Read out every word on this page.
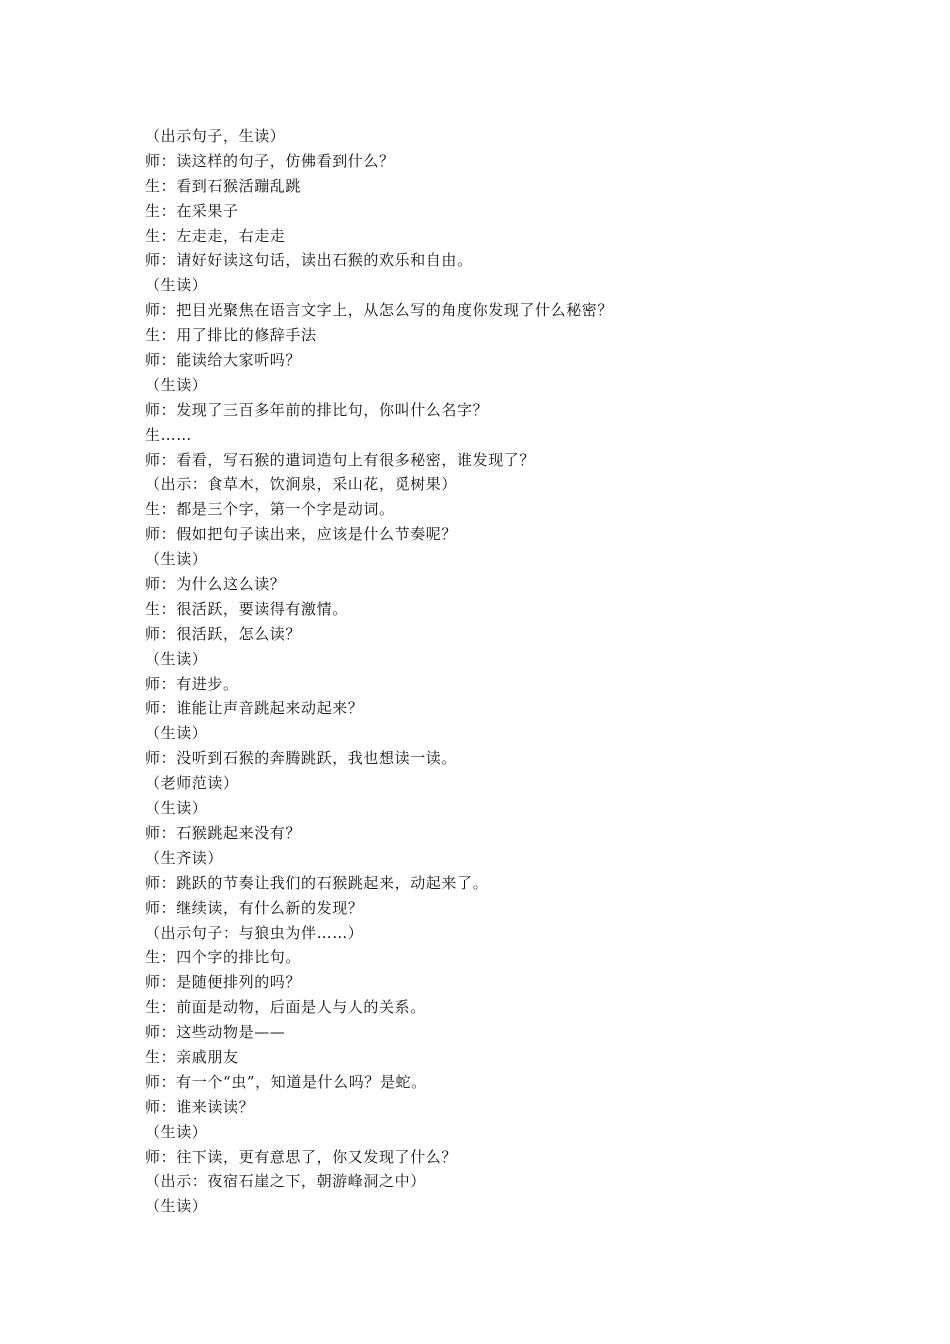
（出示句子，生读）
师：读这样的句子，仿佛看到什么？
生：看到石猴活蹦乱跳
生：在采果子
生：左走走，右走走
师：请好好读这句话，读出石猴的欢乐和自由。
（生读）
师：把目光聚焦在语言文字上，从怎么写的角度你发现了什么秘密？
生：用了排比的修辞手法
师：能读给大家听吗？
（生读）
师：发现了三百多年前的排比句，你叫什么名字？
生……
师：看看，写石猴的遣词造句上有很多秘密，谁发现了？
（出示：食草木，饮涧泉，采山花，觅树果）
生：都是三个字，第一个字是动词。
师：假如把句子读出来，应该是什么节奏呢？
（生读）
师：为什么这么读？
生：很活跃，要读得有激情。
师：很活跃，怎么读？
（生读）
师：有进步。
师：谁能让声音跳起来动起来？
（生读）
师：没听到石猴的奔腾跳跃，我也想读一读。
（老师范读）
（生读）
师：石猴跳起来没有？
（生齐读）
师：跳跃的节奏让我们的石猴跳起来，动起来了。
师：继续读，有什么新的发现？
（出示句子：与狼虫为伴……）
生：四个字的排比句。
师：是随便排列的吗？
生：前面是动物，后面是人与人的关系。
师：这些动物是——
生：亲戚朋友
师：有一个“虫”，知道是什么吗？是蛇。
师：谁来读读？
（生读）
师：往下读，更有意思了，你又发现了什么？
（出示：夜宿石崖之下，朝游峰洞之中）
（生读）
